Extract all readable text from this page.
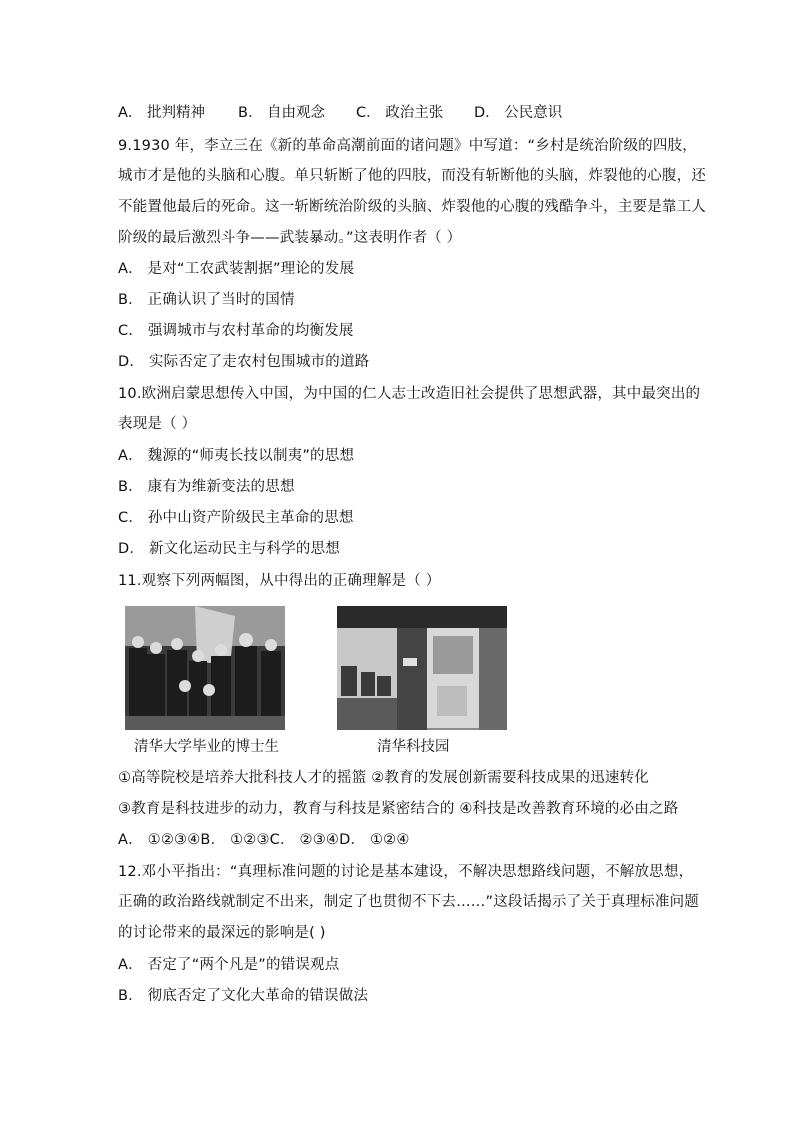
A． 批判精神 B． 自由观念 C． 政治主张 D． 公民意识
9.1930 年，李立三在《新的革命高潮前面的诸问题》中写道：“乡村是统治阶级的四肢，
城市才是他的头脑和心腹。单只斩断了他的四肢，而没有斩断他的头脑，炸裂他的心腹，还
不能置他最后的死命。这一斩断统治阶级的头脑、炸裂他的心腹的残酷争斗，主要是靠工人
阶级的最后激烈斗争——武装暴动。”这表明作者（ ）
A． 是对“工农武装割据”理论的发展
B． 正确认识了当时的国情
C． 强调城市与农村革命的均衡发展
D． 实际否定了走农村包围城市的道路
10.欧洲启蒙思想传入中国，为中国的仁人志士改造旧社会提供了思想武器，其中最突出的
表现是（ ）
A． 魏源的“师夷长技以制夷”的思想
B． 康有为维新变法的思想
C． 孙中山资产阶级民主革命的思想
D． 新文化运动民主与科学的思想
11.观察下列两幅图，从中得出的正确理解是（ ）
清华大学毕业的博士生	清华科技园
①高等院校是培养大批科技人才的摇篮 ②教育的发展创新需要科技成果的迅速转化
③教育是科技进步的动力，教育与科技是紧密结合的 ④科技是改善教育环境的必由之路
A． ①②③④B． ①②③C． ②③④D． ①②④
12.邓小平指出：“真理标准问题的讨论是基本建设，不解决思想路线问题，不解放思想，
正确的政治路线就制定不出来，制定了也贯彻不下去……”这段话揭示了关于真理标准问题
的讨论带来的最深远的影响是( )
A． 否定了“两个凡是”的错误观点
B． 彻底否定了文化大革命的错误做法
